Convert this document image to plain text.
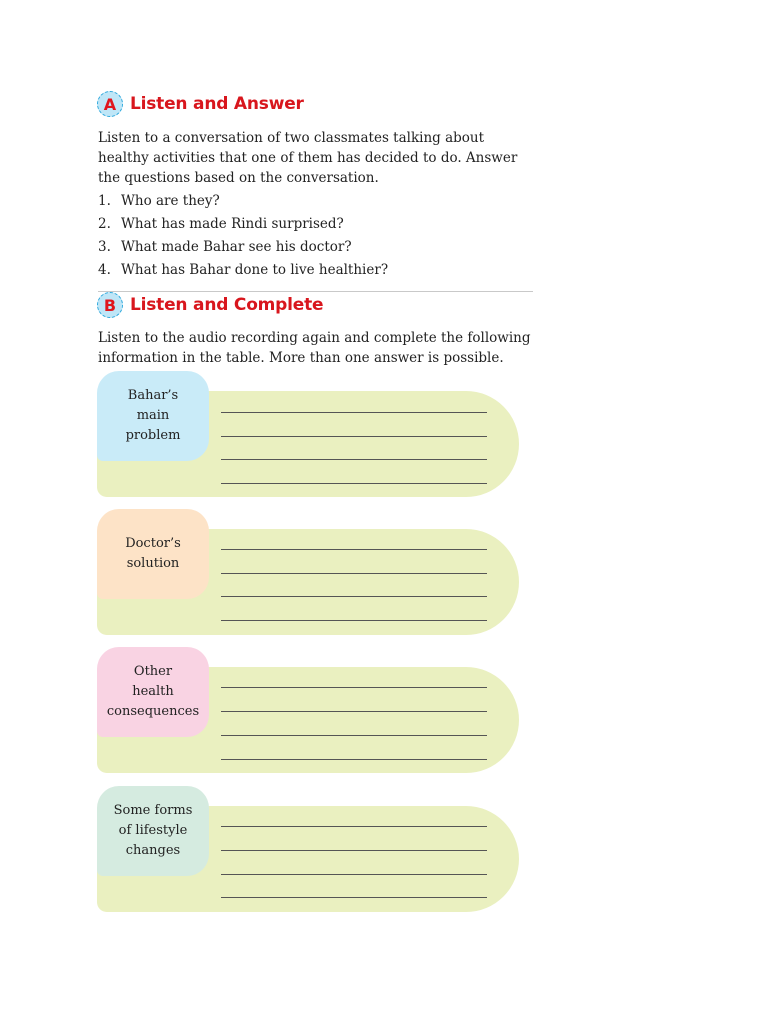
A Listen and Answer
Listen to a conversation of two classmates talking about healthy activities that one of them has decided to do. Answer the questions based on the conversation.
1. Who are they?
2. What has made Rindi surprised?
3. What made Bahar see his doctor?
4. What has Bahar done to live healthier?
B Listen and Complete
Listen to the audio recording again and complete the following information in the table. More than one answer is possible.
Bahar’s
main
problem
Doctor’s
solution
Other
health
consequences
Some forms
of lifestyle
changes
